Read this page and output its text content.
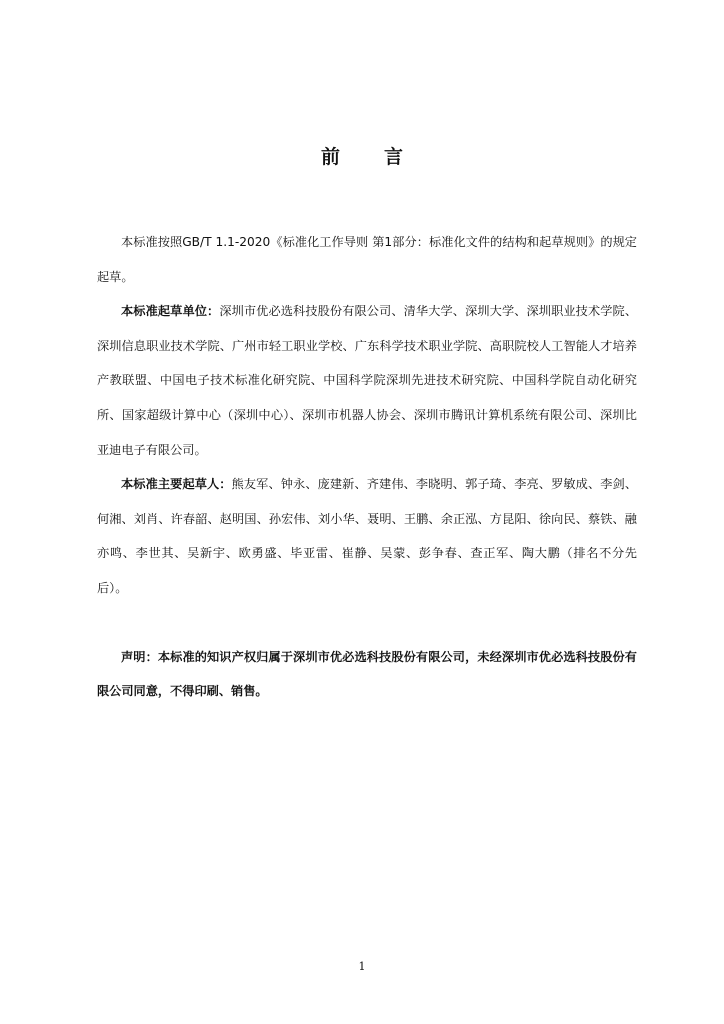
前 言

本标准按照GB/T 1.1-2020《标准化工作导则 第1部分：标准化文件的结构和起草规则》的规定起草。

本标准起草单位：深圳市优必选科技股份有限公司、清华大学、深圳大学、深圳职业技术学院、深圳信息职业技术学院、广州市轻工职业学校、广东科学技术职业学院、高职院校人工智能人才培养产教联盟、中国电子技术标准化研究院、中国科学院深圳先进技术研究院、中国科学院自动化研究所、国家超级计算中心（深圳中心）、深圳市机器人协会、深圳市腾讯计算机系统有限公司、深圳比亚迪电子有限公司。

本标准主要起草人：熊友军、钟永、庞建新、齐建伟、李晓明、郭子琦、李亮、罗敏成、李剑、何湘、刘肖、许春韶、赵明国、孙宏伟、刘小华、聂明、王鹏、余正泓、方昆阳、徐向民、蔡铁、融亦鸣、李世其、吴新宇、欧勇盛、毕亚雷、崔静、吴蒙、彭争春、查正军、陶大鹏（排名不分先后）。

声明：本标准的知识产权归属于深圳市优必选科技股份有限公司，未经深圳市优必选科技股份有限公司同意，不得印刷、销售。

1
